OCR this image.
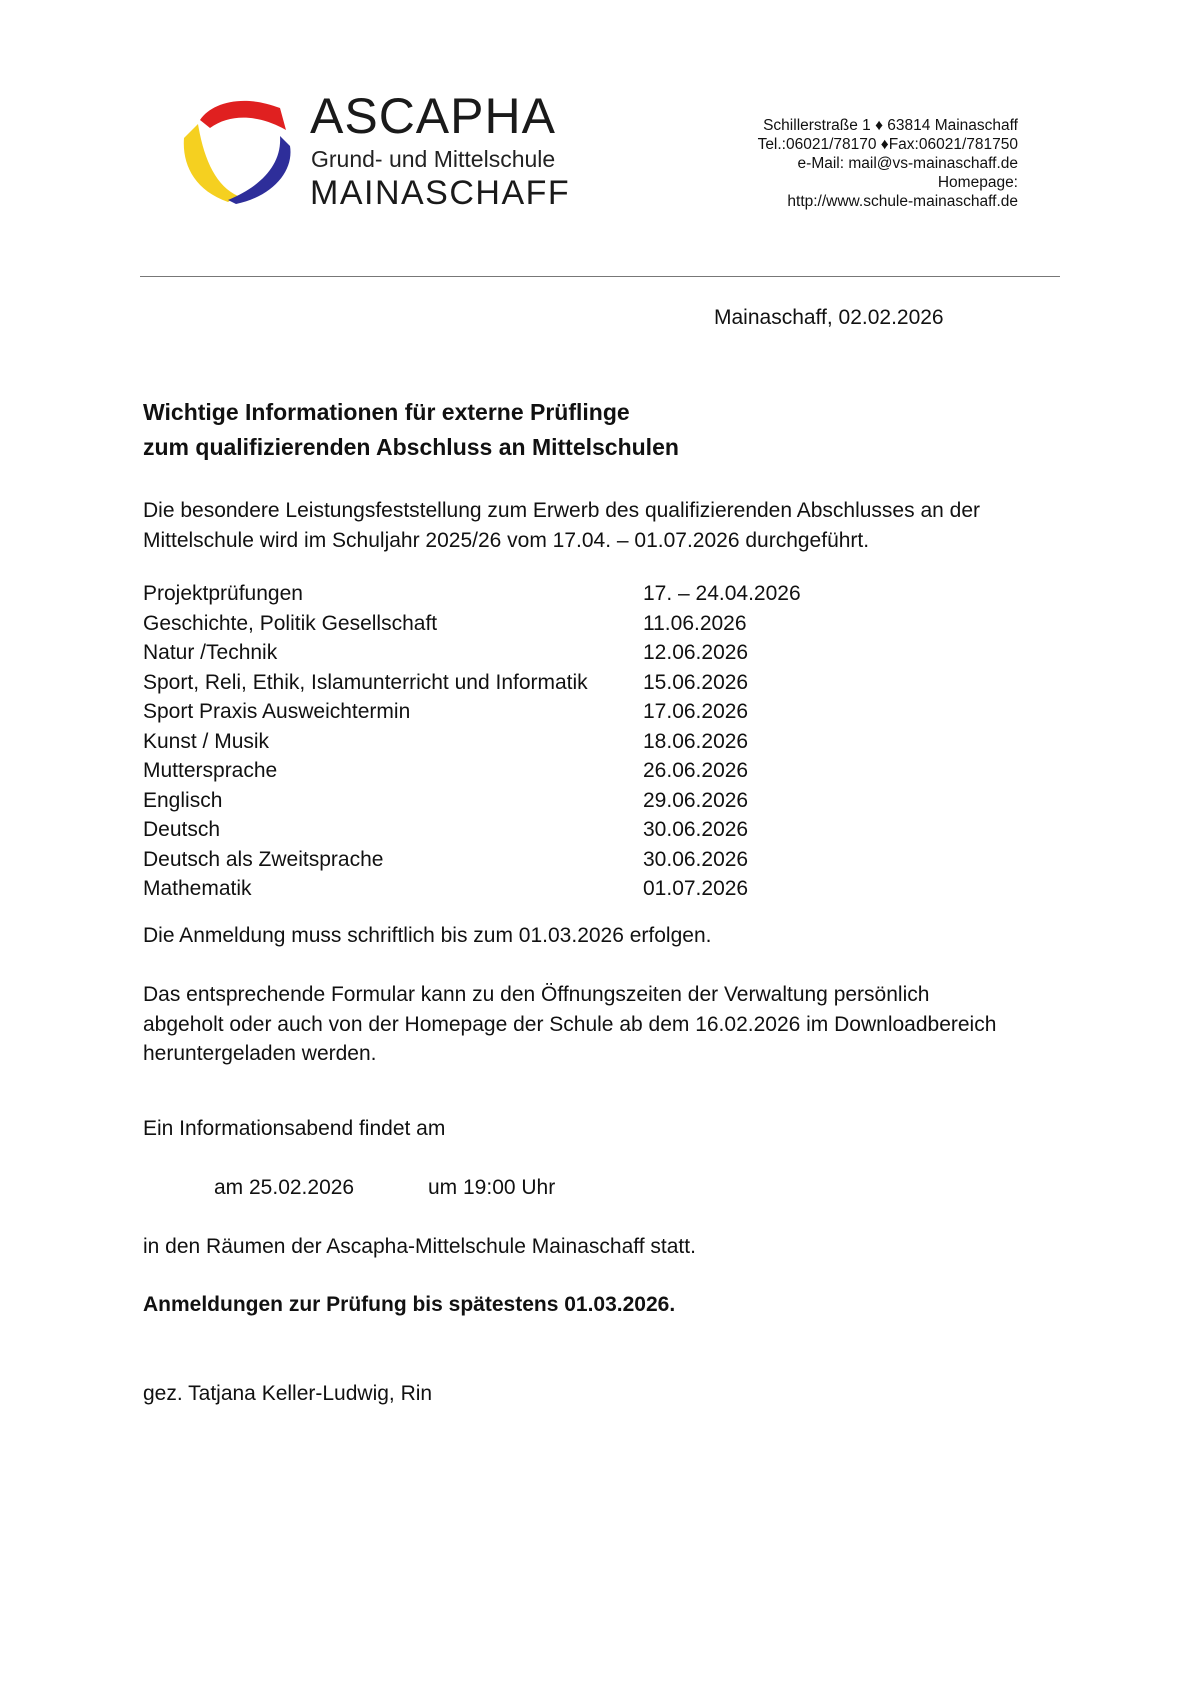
ASCAPHA
Grund- und Mittelschule
MAINASCHAFF
Schillerstraße 1 ♦ 63814 Mainaschaff
Tel.:06021/78170 ♦Fax:06021/781750
e-Mail: mail@vs-mainaschaff.de
Homepage:
http://www.schule-mainaschaff.de
Mainaschaff, 02.02.2026
Wichtige Informationen für externe Prüflinge
zum qualifizierenden Abschluss an Mittelschulen
Die besondere Leistungsfeststellung zum Erwerb des qualifizierenden Abschlusses an der
Mittelschule wird im Schuljahr 2025/26 vom 17.04. – 01.07.2026 durchgeführt.
Projektprüfungen	17. – 24.04.2026
Geschichte, Politik Gesellschaft	11.06.2026
Natur /Technik	12.06.2026
Sport, Reli, Ethik, Islamunterricht und Informatik	15.06.2026
Sport Praxis Ausweichtermin	17.06.2026
Kunst / Musik	18.06.2026
Muttersprache	26.06.2026
Englisch	29.06.2026
Deutsch	30.06.2026
Deutsch als Zweitsprache	30.06.2026
Mathematik	01.07.2026
Die Anmeldung muss schriftlich bis zum 01.03.2026 erfolgen.
Das entsprechende Formular kann zu den Öffnungszeiten der Verwaltung persönlich
abgeholt oder auch von der Homepage der Schule ab dem 16.02.2026 im Downloadbereich
heruntergeladen werden.
Ein Informationsabend findet am
am 25.02.2026	um 19:00 Uhr
in den Räumen der Ascapha-Mittelschule Mainaschaff statt.
Anmeldungen zur Prüfung bis spätestens 01.03.2026.
gez. Tatjana Keller-Ludwig, Rin
